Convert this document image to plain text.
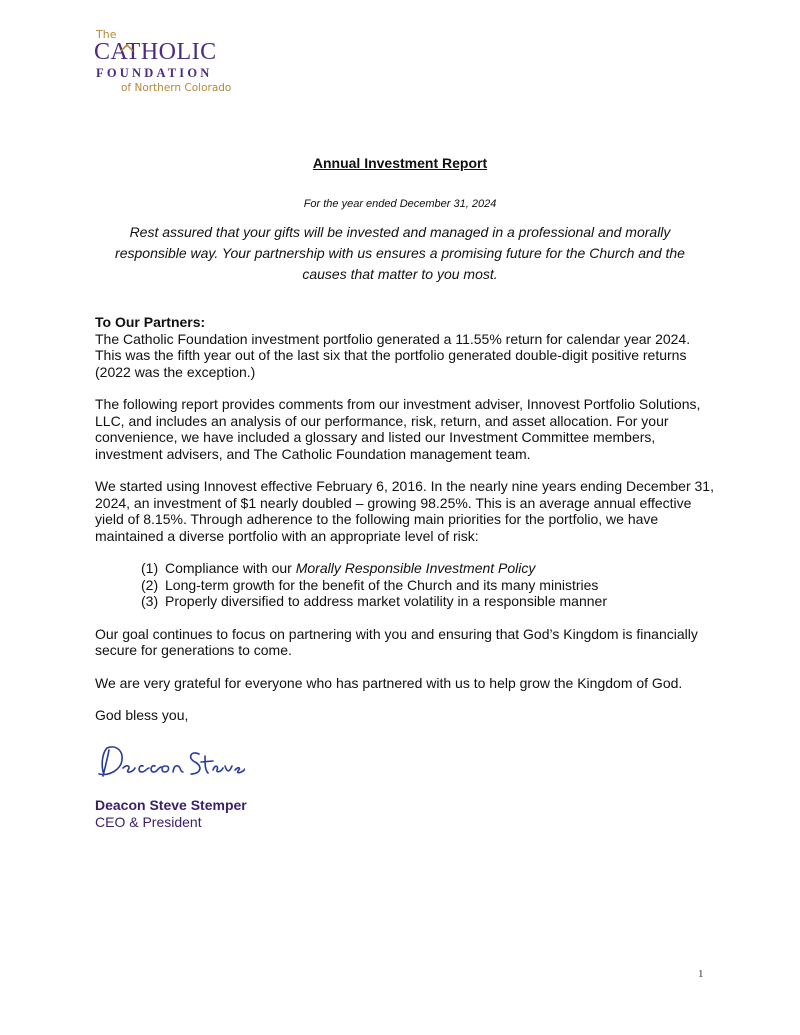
The
CATHOLIC
FOUNDATION
of Northern Colorado
Annual Investment Report
For the year ended December 31, 2024
Rest assured that your gifts will be invested and managed in a professional and morally responsible way. Your partnership with us ensures a promising future for the Church and the causes that matter to you most.
To Our Partners:

The Catholic Foundation investment portfolio generated a 11.55% return for calendar year 2024. This was the fifth year out of the last six that the portfolio generated double-digit positive returns (2022 was the exception.)

The following report provides comments from our investment adviser, Innovest Portfolio Solutions, LLC, and includes an analysis of our performance, risk, return, and asset allocation. For your convenience, we have included a glossary and listed our Investment Committee members, investment advisers, and The Catholic Foundation management team.

We started using Innovest effective February 6, 2016. In the nearly nine years ending December 31, 2024, an investment of $1 nearly doubled – growing 98.25%. This is an average annual effective yield of 8.15%. Through adherence to the following main priorities for the portfolio, we have maintained a diverse portfolio with an appropriate level of risk:

(1) Compliance with our Morally Responsible Investment Policy
(2) Long-term growth for the benefit of the Church and its many ministries
(3) Properly diversified to address market volatility in a responsible manner

Our goal continues to focus on partnering with you and ensuring that God’s Kingdom is financially secure for generations to come.

We are very grateful for everyone who has partnered with us to help grow the Kingdom of God.

God bless you,

Deacon Steve Stemper
CEO & President
1
